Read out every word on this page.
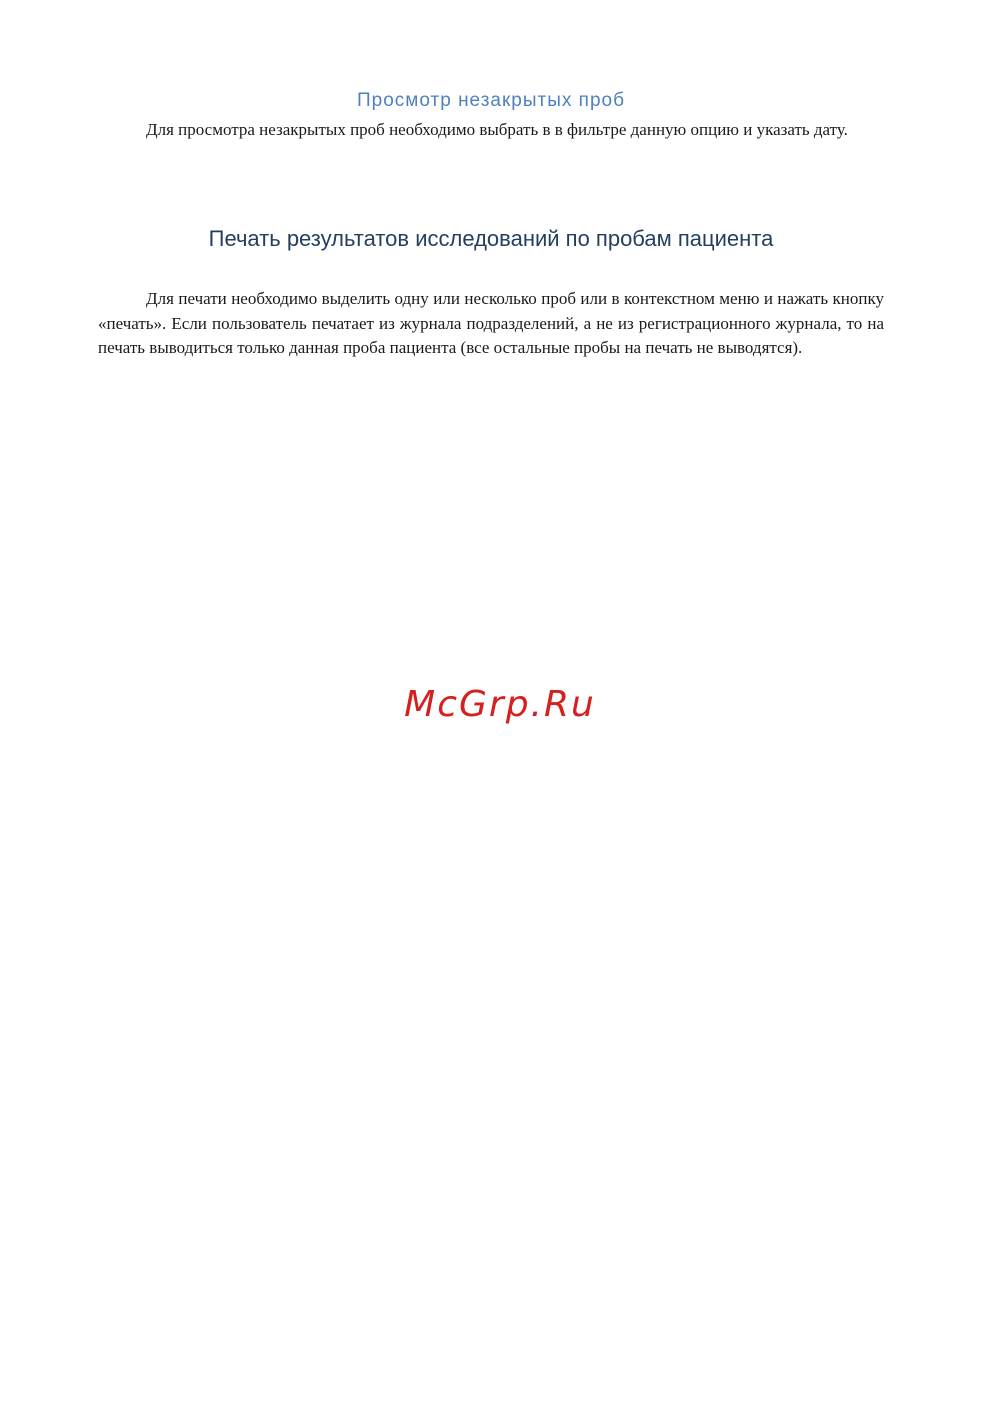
Просмотр незакрытых проб

Для просмотра незакрытых проб необходимо выбрать в в фильтре данную опцию и указать дату.

Печать результатов исследований по пробам пациента

Для печати необходимо выделить одну или несколько проб или в контекстном меню и нажать кнопку «печать». Если пользователь печатает из журнала подразделений, а не из регистрационного журнала, то на печать выводиться только данная проба пациента (все остальные пробы на печать не выводятся).

McGrp.Ru
